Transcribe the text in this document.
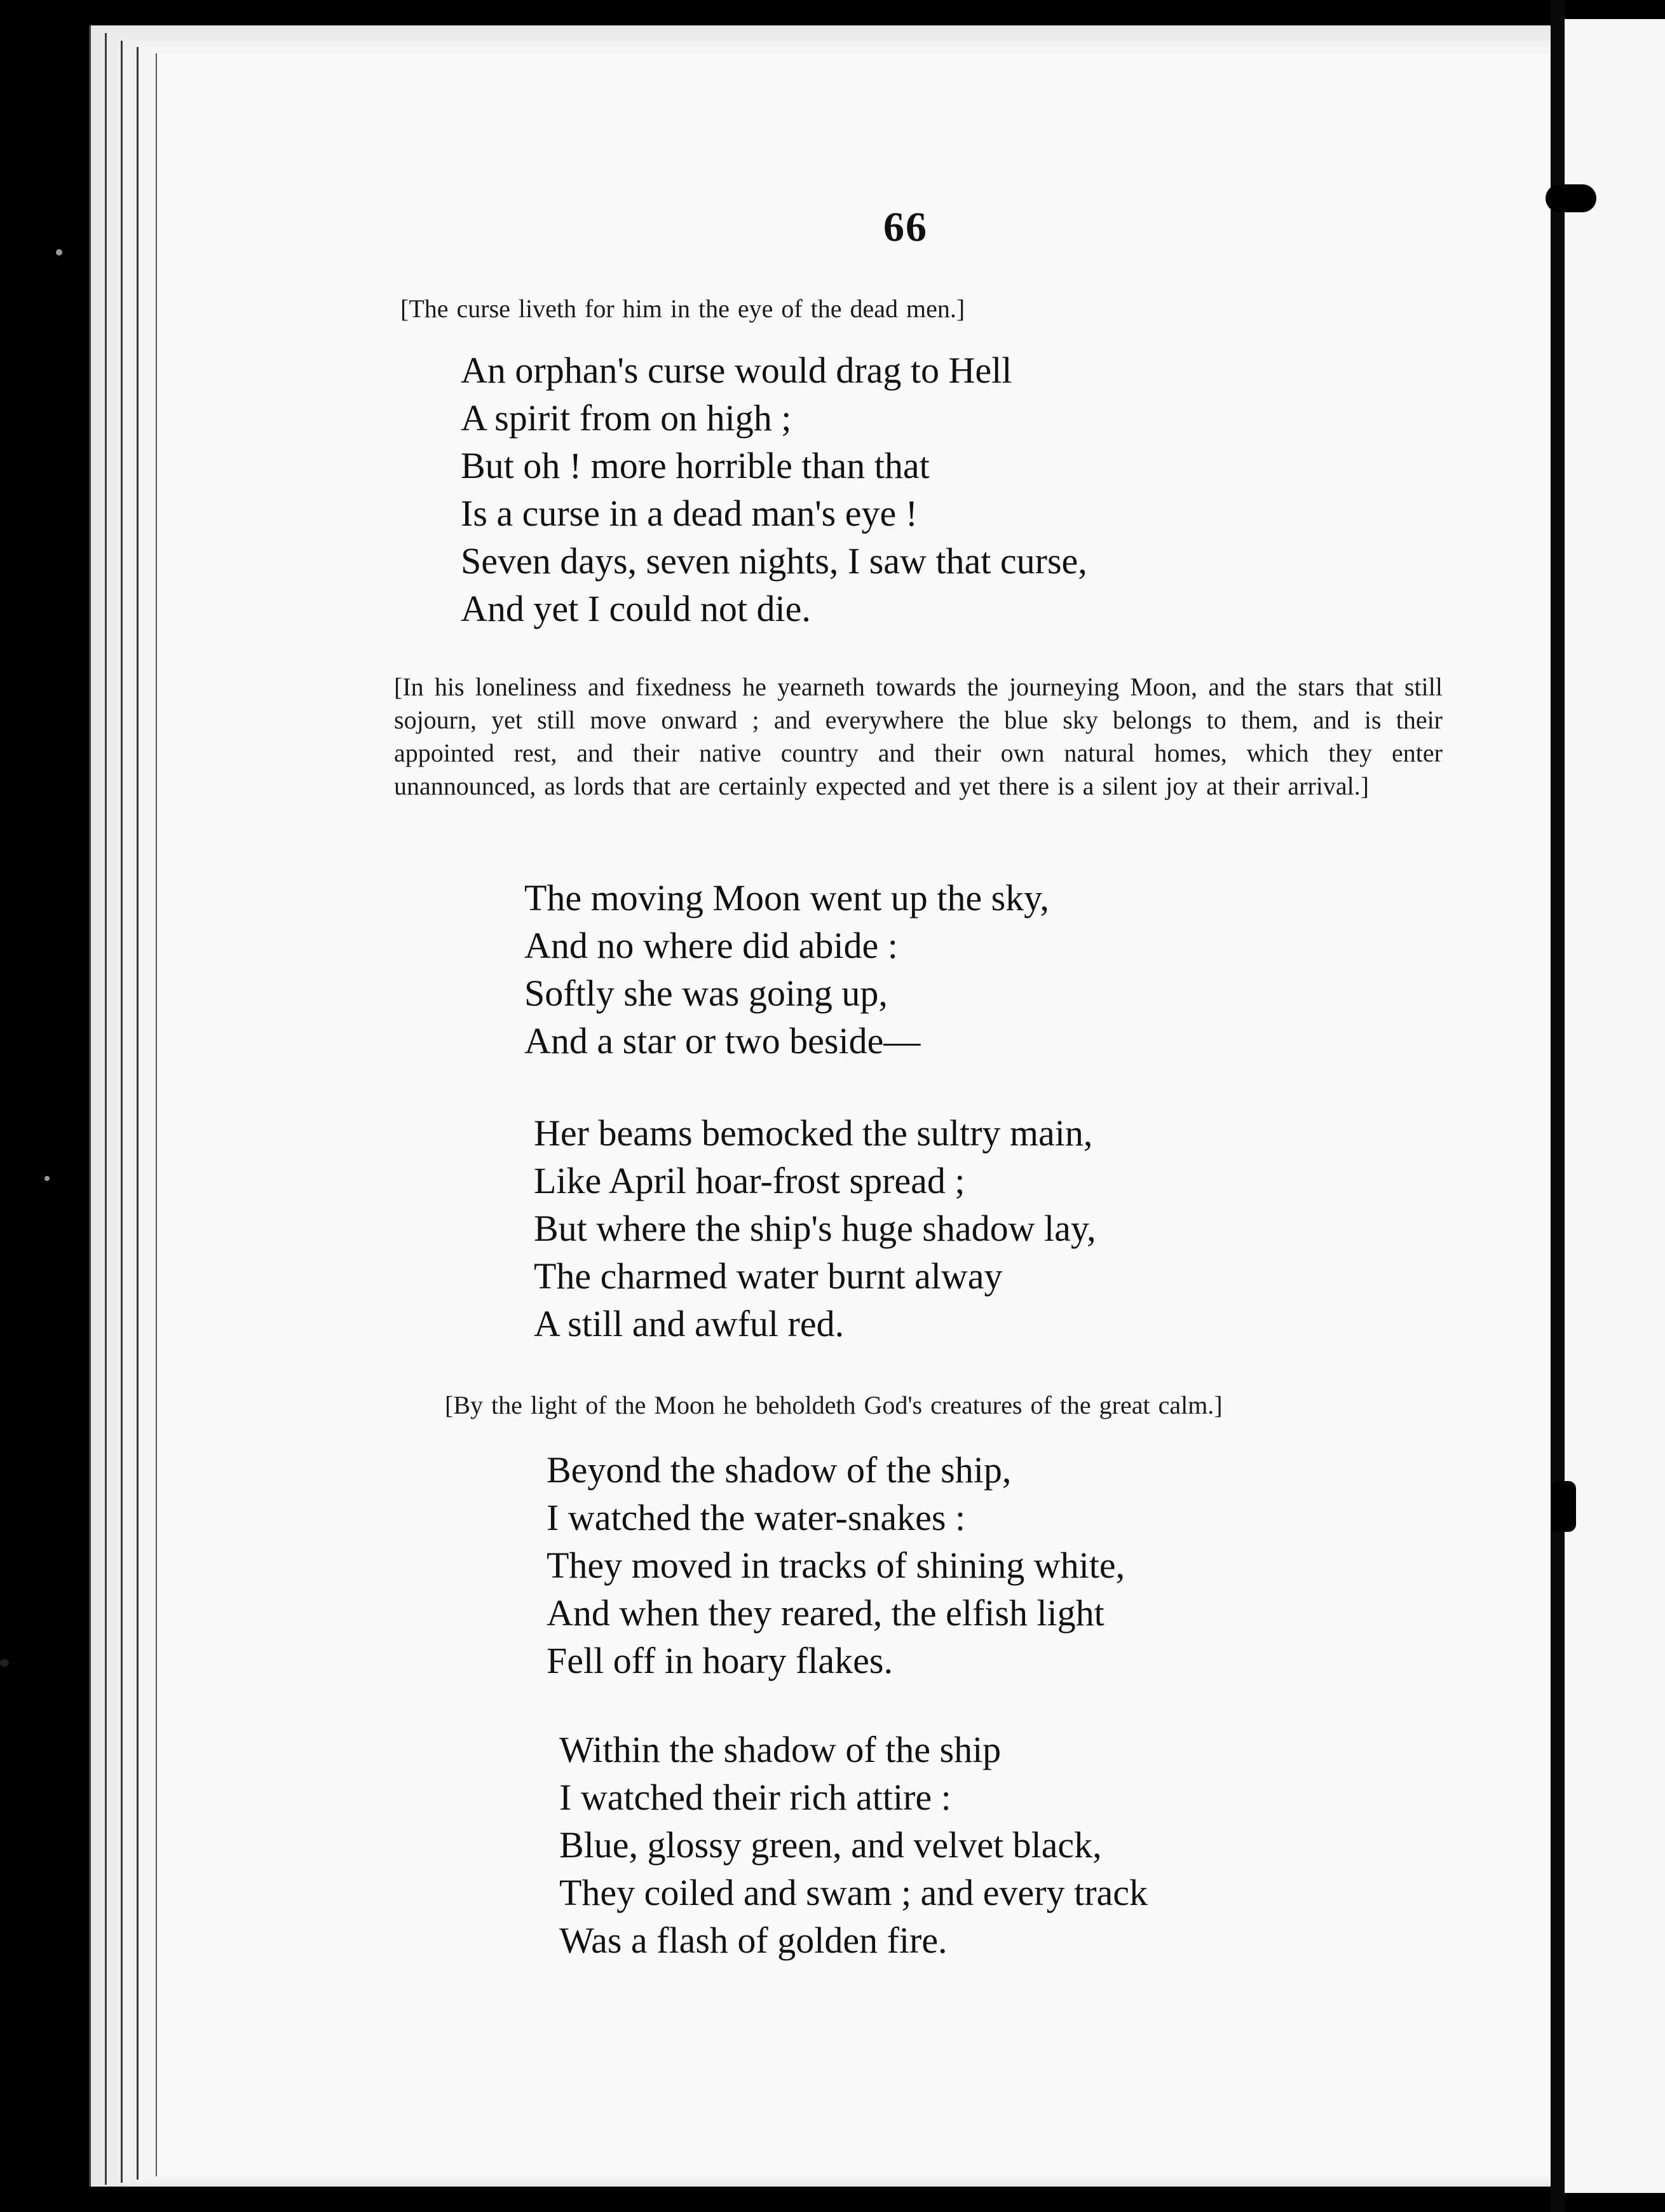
66

[The curse liveth for him in the eye of the dead men.]

An orphan's curse would drag to Hell
A spirit from on high ;
But oh ! more horrible than that
Is a curse in a dead man's eye !
Seven days, seven nights, I saw that curse,
And yet I could not die.

[In his loneliness and fixedness he yearneth towards the journeying Moon, and the stars that still sojourn, yet still move onward ; and everywhere the blue sky belongs to them, and is their appointed rest, and their native country and their own natural homes, which they enter unannounced, as lords that are certainly expected and yet there is a silent joy at their arrival.]

The moving Moon went up the sky,
And no where did abide :
Softly she was going up,
And a star or two beside—
Her beams bemocked the sultry main,
Like April hoar-frost spread ;
But where the ship's huge shadow lay,
The charmed water burnt alway
A still and awful red.

[By the light of the Moon he beholdeth God's creatures of the great calm.]

Beyond the shadow of the ship,
I watched the water-snakes :
They moved in tracks of shining white,
And when they reared, the elfish light
Fell off in hoary flakes.
Within the shadow of the ship
I watched their rich attire :
Blue, glossy green, and velvet black,
They coiled and swam ; and every track
Was a flash of golden fire.
